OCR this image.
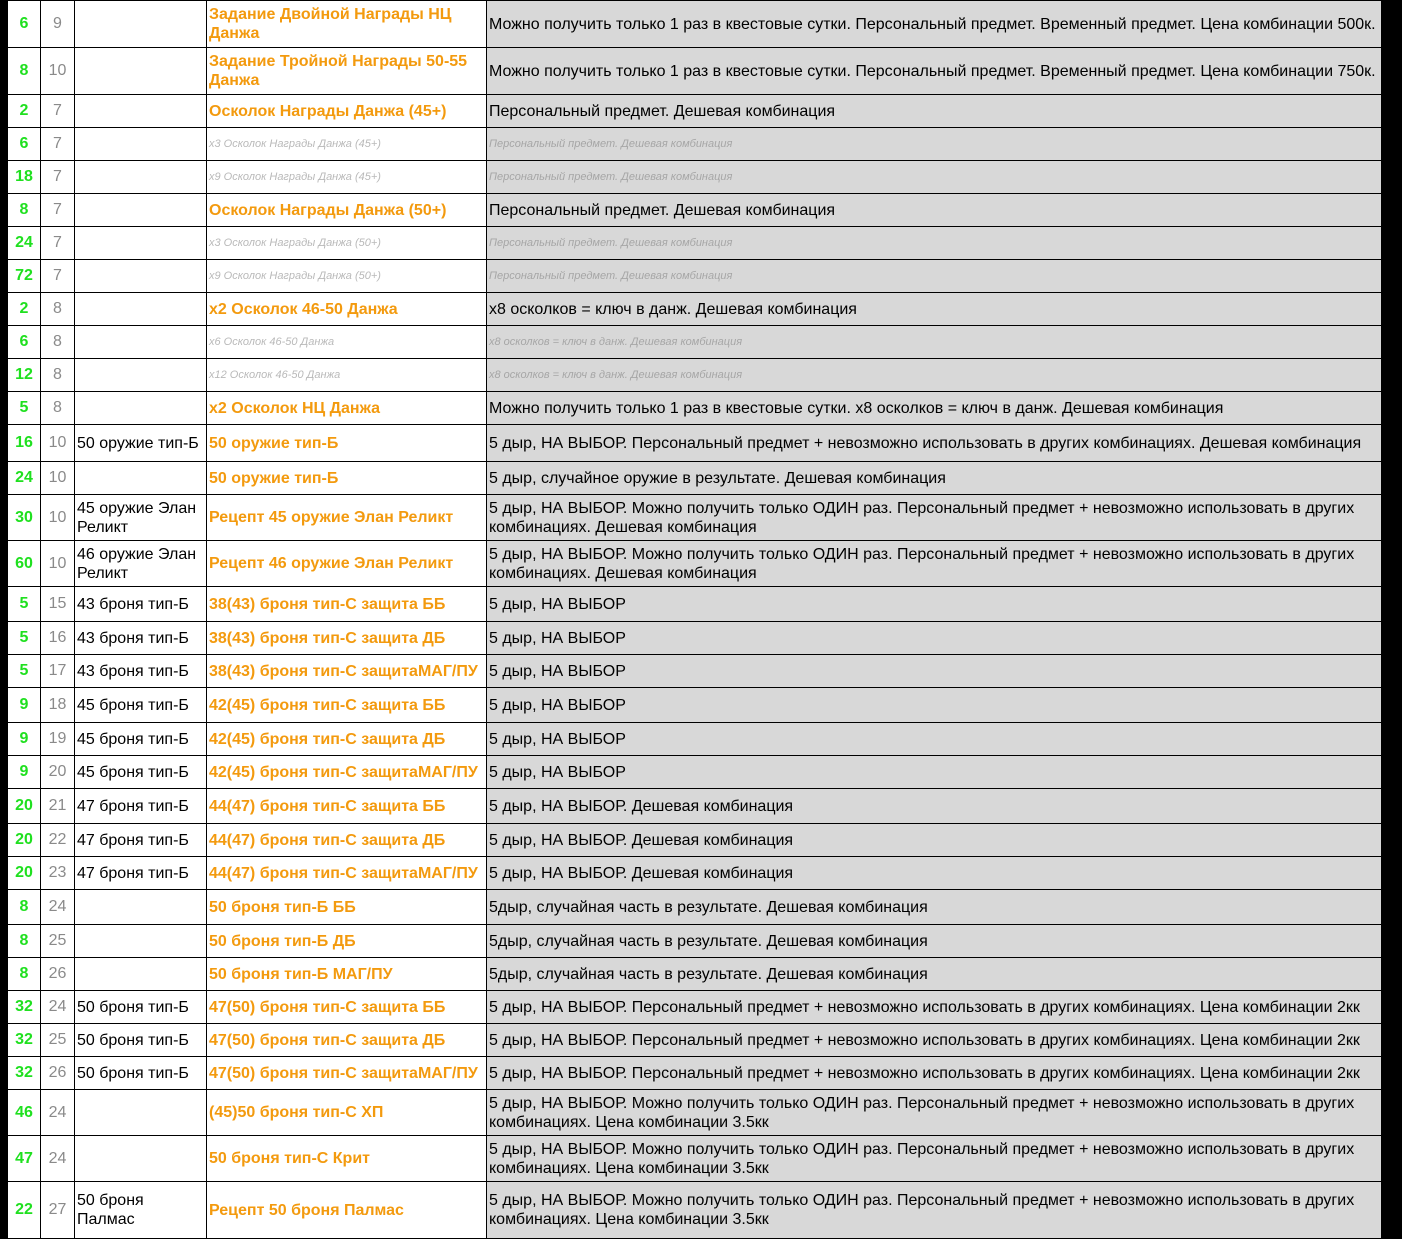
6	9		Задание Двойной Награды НЦ Данжа	Можно получить только 1 раз в квестовые сутки. Персональный предмет. Временный предмет. Цена комбинации 500к.
8	10		Задание Тройной Награды 50-55 Данжа	Можно получить только 1 раз в квестовые сутки. Персональный предмет. Временный предмет. Цена комбинации 750к.
2	7		Осколок Награды Данжа (45+)	Персональный предмет. Дешевая комбинация
6	7		x3 Осколок Награды Данжа (45+)	Персональный предмет. Дешевая комбинация
18	7		x9 Осколок Награды Данжа (45+)	Персональный предмет. Дешевая комбинация
8	7		Осколок Награды Данжа (50+)	Персональный предмет. Дешевая комбинация
24	7		x3 Осколок Награды Данжа (50+)	Персональный предмет. Дешевая комбинация
72	7		x9 Осколок Награды Данжа (50+)	Персональный предмет. Дешевая комбинация
2	8		x2 Осколок 46-50 Данжа	x8 осколков = ключ в данж. Дешевая комбинация
6	8		x6 Осколок 46-50 Данжа	x8 осколков = ключ в данж. Дешевая комбинация
12	8		x12 Осколок 46-50 Данжа	x8 осколков = ключ в данж. Дешевая комбинация
5	8		x2 Осколок НЦ Данжа	Можно получить только 1 раз в квестовые сутки. x8 осколков = ключ в данж. Дешевая комбинация
16	10	50 оружие тип-Б	50 оружие тип-Б	5 дыр, НА ВЫБОР. Персональный предмет + невозможно использовать в других комбинациях. Дешевая комбинация
24	10		50 оружие тип-Б	5 дыр, случайное оружие в результате. Дешевая комбинация
30	10	45 оружие Элан Реликт	Рецепт 45 оружие Элан Реликт	5 дыр, НА ВЫБОР. Можно получить только ОДИН раз. Персональный предмет + невозможно использовать в других комбинациях. Дешевая комбинация
60	10	46 оружие Элан Реликт	Рецепт 46 оружие Элан Реликт	5 дыр, НА ВЫБОР. Можно получить только ОДИН раз. Персональный предмет + невозможно использовать в других комбинациях. Дешевая комбинация
5	15	43 броня тип-Б	38(43) броня тип-С защита ББ	5 дыр, НА ВЫБОР
5	16	43 броня тип-Б	38(43) броня тип-С защита ДБ	5 дыр, НА ВЫБОР
5	17	43 броня тип-Б	38(43) броня тип-С защитаМАГ/ПУ	5 дыр, НА ВЫБОР
9	18	45 броня тип-Б	42(45) броня тип-С защита ББ	5 дыр, НА ВЫБОР
9	19	45 броня тип-Б	42(45) броня тип-С защита ДБ	5 дыр, НА ВЫБОР
9	20	45 броня тип-Б	42(45) броня тип-С защитаМАГ/ПУ	5 дыр, НА ВЫБОР
20	21	47 броня тип-Б	44(47) броня тип-С защита ББ	5 дыр, НА ВЫБОР. Дешевая комбинация
20	22	47 броня тип-Б	44(47) броня тип-С защита ДБ	5 дыр, НА ВЫБОР. Дешевая комбинация
20	23	47 броня тип-Б	44(47) броня тип-С защитаМАГ/ПУ	5 дыр, НА ВЫБОР. Дешевая комбинация
8	24		50 броня тип-Б ББ	5дыр, случайная часть в результате. Дешевая комбинация
8	25		50 броня тип-Б ДБ	5дыр, случайная часть в результате. Дешевая комбинация
8	26		50 броня тип-Б МАГ/ПУ	5дыр, случайная часть в результате. Дешевая комбинация
32	24	50 броня тип-Б	47(50) броня тип-С защита ББ	5 дыр, НА ВЫБОР. Персональный предмет + невозможно использовать в других комбинациях. Цена комбинации 2кк
32	25	50 броня тип-Б	47(50) броня тип-С защита ДБ	5 дыр, НА ВЫБОР. Персональный предмет + невозможно использовать в других комбинациях. Цена комбинации 2кк
32	26	50 броня тип-Б	47(50) броня тип-С защитаМАГ/ПУ	5 дыр, НА ВЫБОР. Персональный предмет + невозможно использовать в других комбинациях. Цена комбинации 2кк
46	24		(45)50 броня тип-С ХП	5 дыр, НА ВЫБОР. Можно получить только ОДИН раз. Персональный предмет + невозможно использовать в других комбинациях. Цена комбинации 3.5кк
47	24		50 броня тип-С Крит	5 дыр, НА ВЫБОР. Можно получить только ОДИН раз. Персональный предмет + невозможно использовать в других комбинациях. Цена комбинации 3.5кк
22	27	50 броня Палмас	Рецепт 50 броня Палмас	5 дыр, НА ВЫБОР. Можно получить только ОДИН раз. Персональный предмет + невозможно использовать в других комбинациях. Цена комбинации 3.5кк
